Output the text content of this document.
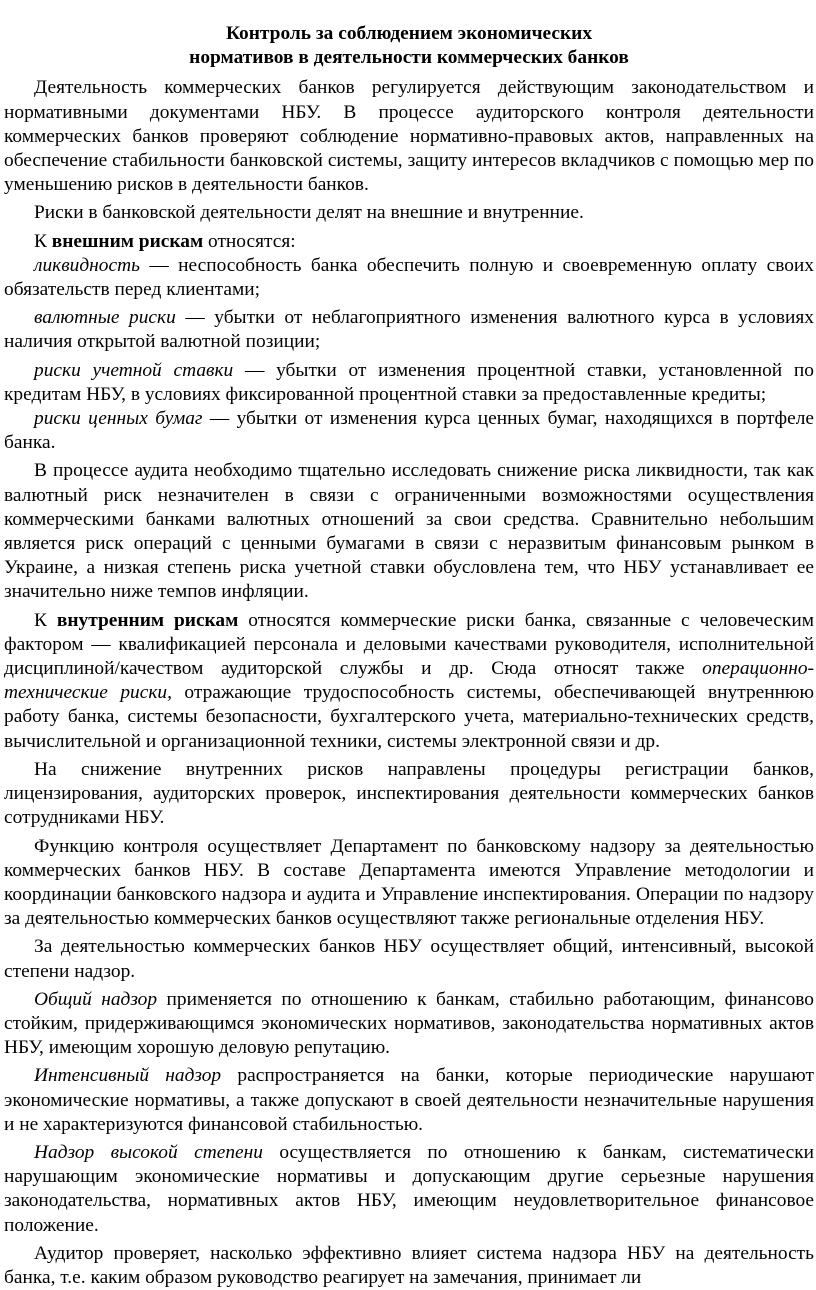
Контроль за соблюдением экономических
нормативов в деятельности коммерческих банков

Деятельность коммерческих банков регулируется действующим законодательством и нормативными документами НБУ. В процессе аудиторского контроля деятельности коммерческих банков проверяют соблюдение нормативно-правовых актов, направленных на обеспечение стабильности банковской системы, защиту интересов вкладчиков с помощью мер по уменьшению рисков в деятельности банков.

Риски в банковской деятельности делят на внешние и внутренние.

К внешним рискам относятся:

ликвидность — неспособность банка обеспечить полную и своевременную оплату своих обязательств перед клиентами;

валютные риски — убытки от неблагоприятного изменения валютного курса в условиях наличия открытой валютной позиции;

риски учетной ставки — убытки от изменения процентной ставки, установленной по кредитам НБУ, в условиях фиксированной процентной ставки за предоставленные кредиты;

риски ценных бумаг — убытки от изменения курса ценных бумаг, находящихся в портфеле банка.

В процессе аудита необходимо тщательно исследовать снижение риска ликвидности, так как валютный риск незначителен в связи с ограниченными возможностями осуществления коммерческими банками валютных отношений за свои средства. Сравнительно небольшим является риск операций с ценными бумагами в связи с неразвитым финансовым рынком в Украине, а низкая степень риска учетной ставки обусловлена тем, что НБУ устанавливает ее значительно ниже темпов инфляции.

К внутренним рискам относятся коммерческие риски банка, связанные с человеческим фактором — квалификацией персонала и деловыми качествами руководителя, исполнительной дисциплиной/качеством аудиторской службы и др. Сюда относят также операционно-технические риски, отражающие трудоспособность системы, обеспечивающей внутреннюю работу банка, системы безопасности, бухгалтерского учета, материально-технических средств, вычислительной и организационной техники, системы электронной связи и др.

На снижение внутренних рисков направлены процедуры регистрации банков, лицензирования, аудиторских проверок, инспектирования деятельности коммерческих банков сотрудниками НБУ.

Функцию контроля осуществляет Департамент по банковскому надзору за деятельностью коммерческих банков НБУ. В составе Департамента имеются Управление методологии и координации банковского надзора и аудита и Управление инспектирования. Операции по надзору за деятельностью коммерческих банков осуществляют также региональные отделения НБУ.

За деятельностью коммерческих банков НБУ осуществляет общий, интенсивный, высокой степени надзор.

Общий надзор применяется по отношению к банкам, стабильно работающим, финансово стойким, придерживающимся экономических нормативов, законодательства нормативных актов НБУ, имеющим хорошую деловую репутацию.

Интенсивный надзор распространяется на банки, которые периодические нарушают экономические нормативы, а также допускают в своей деятельности незначительные нарушения и не характеризуются финансовой стабильностью.

Надзор высокой степени осуществляется по отношению к банкам, систематически нарушающим экономические нормативы и допускающим другие серьезные нарушения законодательства, нормативных актов НБУ, имеющим неудовлетворительное финансовое положение.

Аудитор проверяет, насколько эффективно влияет система надзора НБУ на деятельность банка, т.е. каким образом руководство реагирует на замечания, принимает ли
